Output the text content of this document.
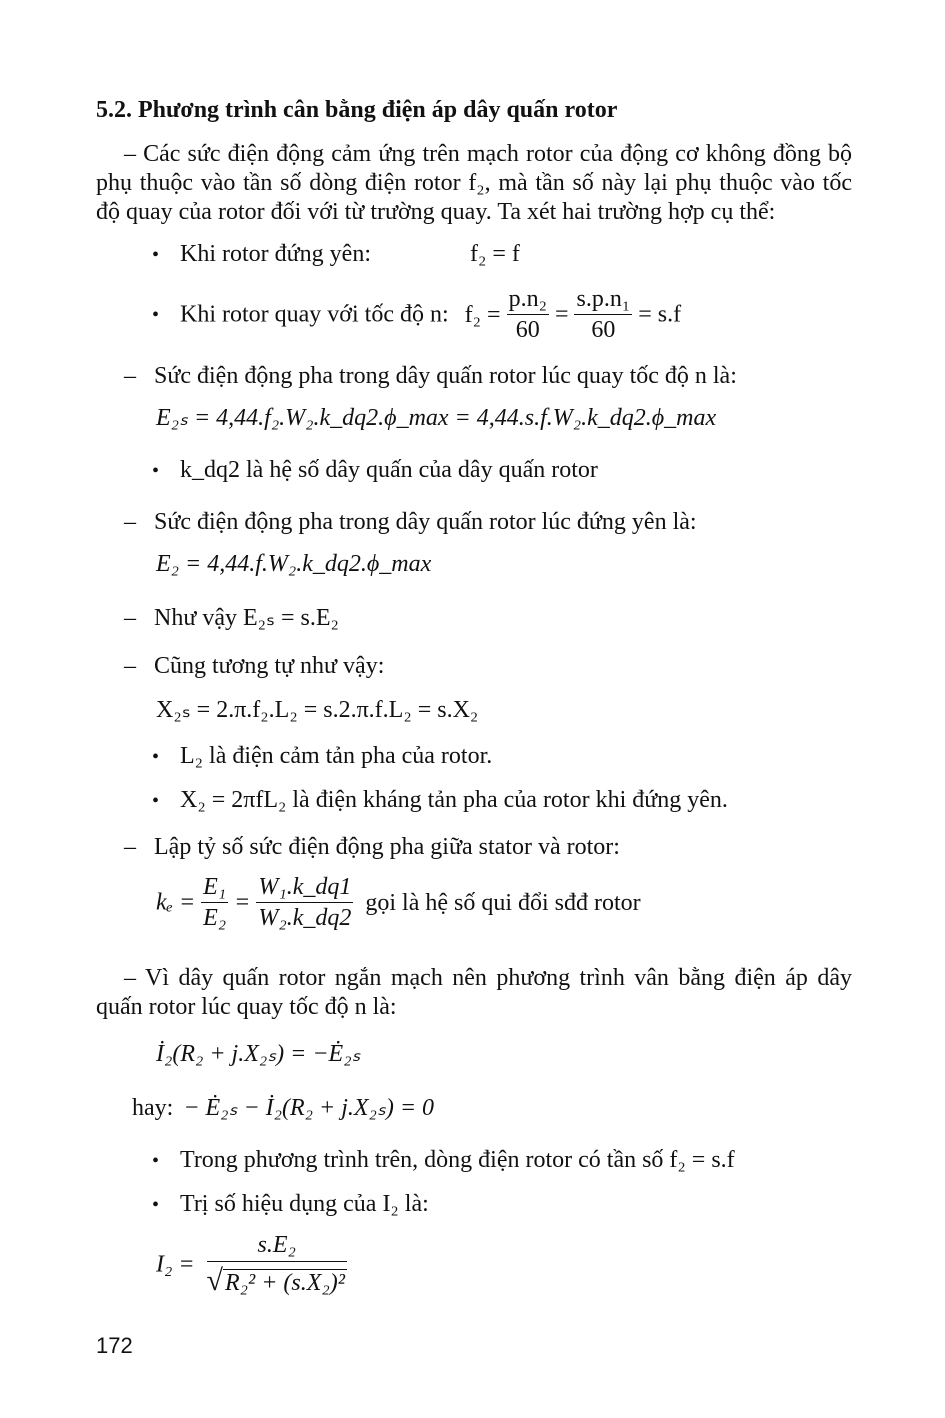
5.2. Phương trình cân bằng điện áp dây quấn rotor
– Các sức điện động cảm ứng trên mạch rotor của động cơ không đồng bộ phụ thuộc vào tần số dòng điện rotor f₂, mà tần số này lại phụ thuộc vào tốc độ quay của rotor đối với từ trường quay. Ta xét hai trường hợp cụ thể:
• Khi rotor đứng yên:	f₂ = f
• Khi rotor quay với tốc độ n: $f_2 = \frac{\text{p.n₂}}{60} = \frac{\text{s.p.n₁}}{60} = s.f$
– Sức điện động pha trong dây quấn rotor lúc quay tốc độ n là:
E₂ₛ = 4,44.f₂.W₂.k_dq2.ϕ_max = 4,44.s.f.W₂.k_dq2.ϕ_max
• k_dq2 là hệ số dây quấn của dây quấn rotor
– Sức điện động pha trong dây quấn rotor lúc đứng yên là:
E₂ = 4,44.f.W₂.k_dq2.ϕ_max
– Như vậy E₂ₛ = s.E₂
– Cũng tương tự như vậy:
X₂ₛ = 2.π.f₂.L₂ = s.2.π.f.L₂ = s.X₂
• L₂ là điện cảm tản pha của rotor.
• X₂ = 2πfL₂ là điện kháng tản pha của rotor khi đứng yên.
– Lập tỷ số sức điện động pha giữa stator và rotor:
$k_e = \frac{\text{E₁}}{\text{E₂}} = \frac{\text{W₁.k\_dq1}}{\text{W₂.k\_dq2}}$ gọi là hệ số qui đổi sđđ rotor
– Vì dây quấn rotor ngắn mạch nên phương trình vân bằng điện áp dây quấn rotor lúc quay tốc độ n là:
İ₂(R₂ + j.X₂ₛ) = −Ė₂ₛ
hay: − Ė₂ₛ − İ₂(R₂ + j.X₂ₛ) = 0
• Trong phương trình trên, dòng điện rotor có tần số f₂ = s.f
• Trị số hiệu dụng của I₂ là:
$I_2 = \frac{\text{s.E₂}}{\text{√R₂² + (s.X₂)²}}$
172
